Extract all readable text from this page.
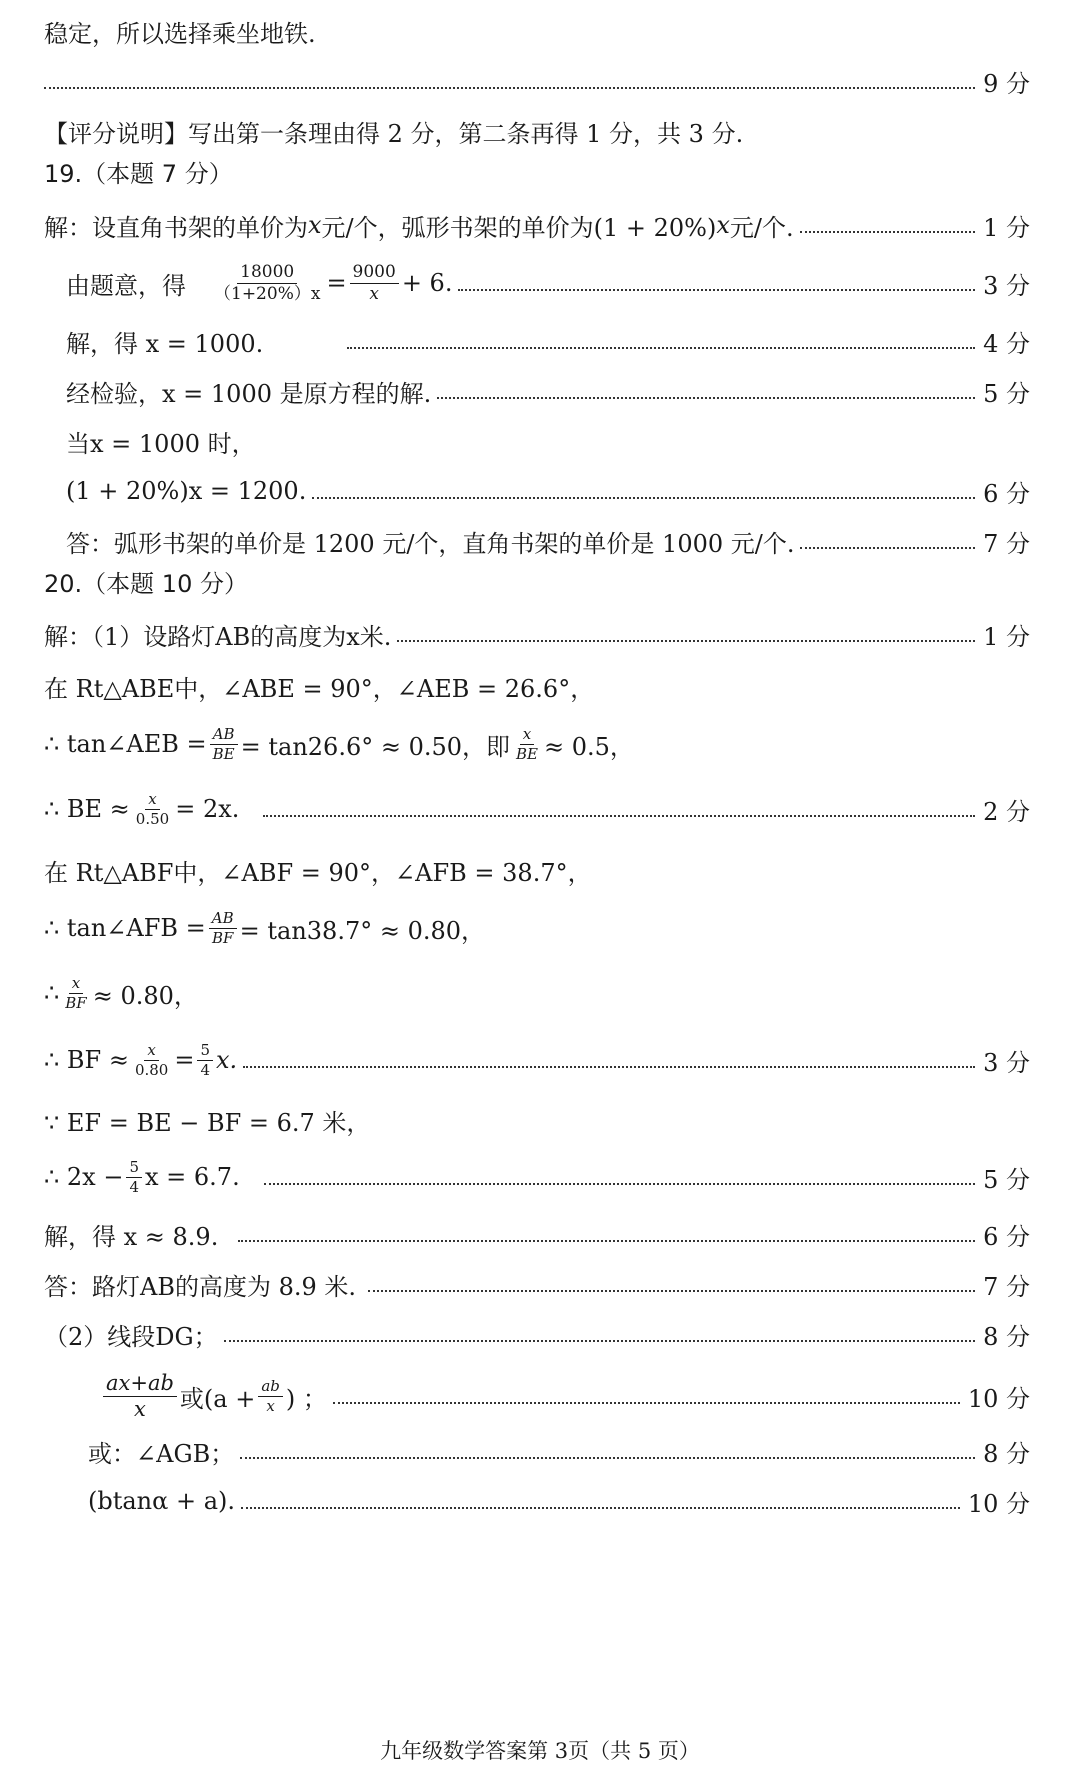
稳定，所以选择乘坐地铁.
9 分
【评分说明】写出第一条理由得 2 分，第二条再得 1 分，共 3 分.
19.（本题 7 分）
解：设直角书架的单价为 x 元/个，弧形书架的单价为(1 + 20%) x 元/个.	1 分
由题意，得 $\frac{18000}{(1+20\%)x} = \frac{9000}{x} + 6$.	3 分
解，得 x = 1000.	4 分
经检验，x = 1000 是原方程的解.	5 分
当x = 1000 时，
(1 + 20%)x = 1200.	6 分
答：弧形书架的单价是 1200 元/个，直角书架的单价是 1000 元/个.	7 分
20.（本题 10 分）
解：（1）设路灯AB的高度为x米.	1 分
在 Rt△ABE中，∠ABE = 90°，∠AEB = 26.6°，
∴ tan∠AEB = $\frac{AB}{BE} = \tan 26.6^\circ \approx 0.50$，即 $\frac{x}{BE} \approx 0.5$，
∴ BE ≈ $\frac{x}{0.50} = 2x$.	2 分
在 Rt△ABF中，∠ABF = 90°，∠AFB = 38.7°，
∴ tan∠AFB = $\frac{AB}{BF} = \tan 38.7^\circ \approx 0.80$，
∴ $\frac{x}{BF} \approx 0.80$，
∴ BF ≈ $\frac{x}{0.80} = \frac{5}{4} x$.	3 分
∵ EF = BE − BF = 6.7 米，
∴ $2x - \frac{5}{4}$ x = 6.7.	5 分
解，得 x ≈ 8.9.	6 分
答：路灯AB的高度为 8.9 米.	7 分
（2）线段DG；	8 分
$\frac{ax+ab}{x}$ 或($a + \frac{ab}{x}$ ) ；	10 分
或：∠AGB；	8 分
(btanα + a).	10 分
九年级数学答案第 3页（共 5 页）
